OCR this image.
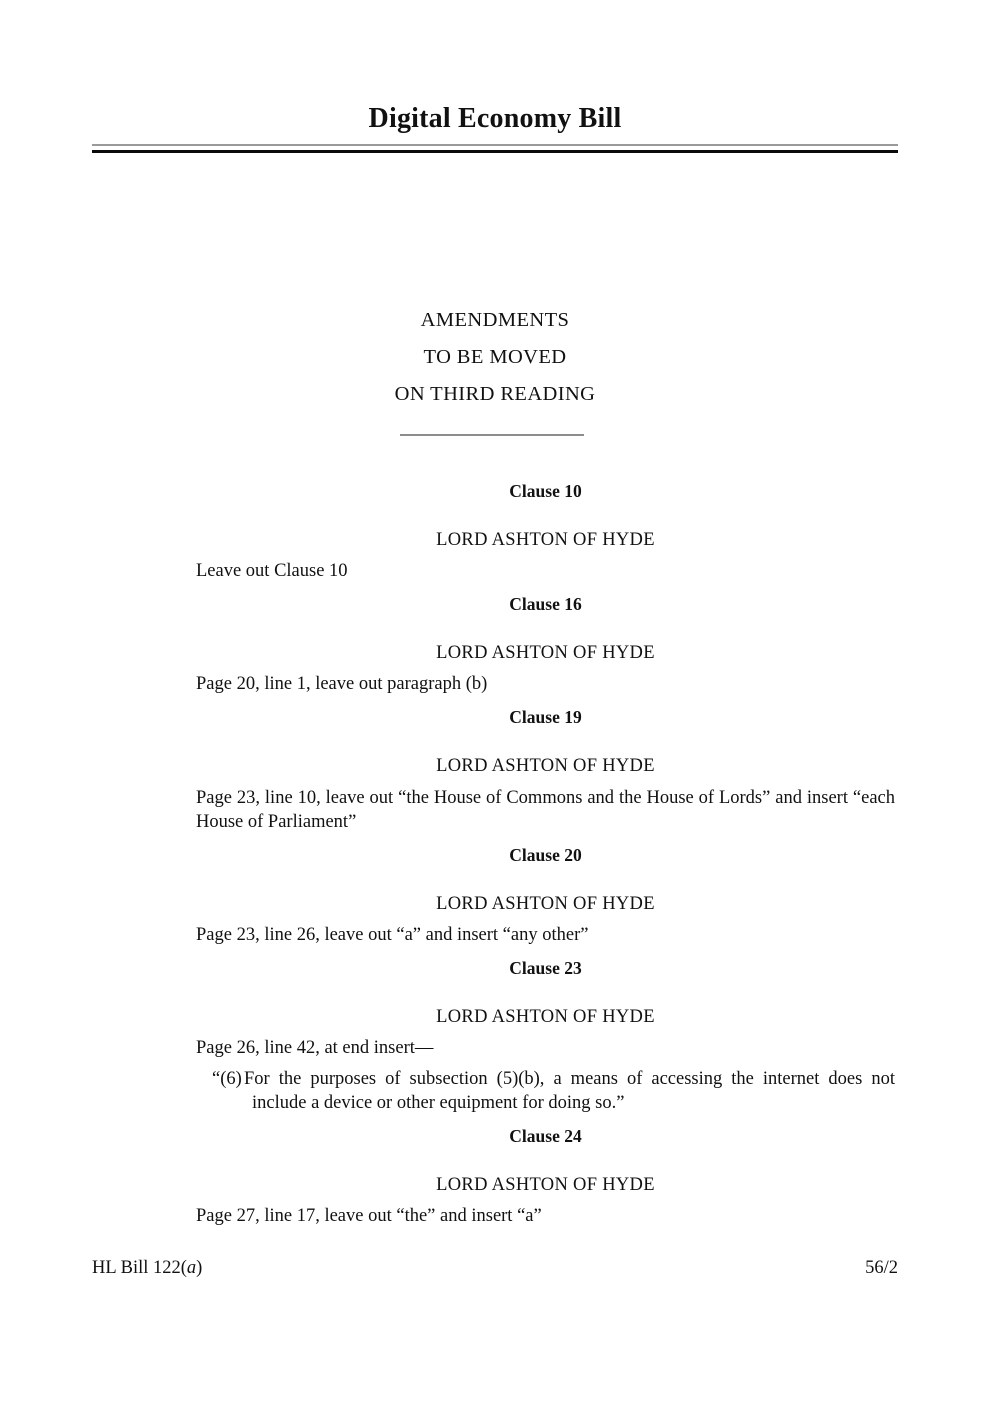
Digital Economy Bill
AMENDMENTS
TO BE MOVED
ON THIRD READING
Clause 10
LORD ASHTON OF HYDE
Leave out Clause 10
Clause 16
LORD ASHTON OF HYDE
Page 20, line 1, leave out paragraph (b)
Clause 19
LORD ASHTON OF HYDE
Page 23, line 10, leave out “the House of Commons and the House of Lords” and insert “each House of Parliament”
Clause 20
LORD ASHTON OF HYDE
Page 23, line 26, leave out “a” and insert “any other”
Clause 23
LORD ASHTON OF HYDE
Page 26, line 42, at end insert—
“(6) For the purposes of subsection (5)(b), a means of accessing the internet does not include a device or other equipment for doing so.”
Clause 24
LORD ASHTON OF HYDE
Page 27, line 17, leave out “the” and insert “a”
HL Bill 122(a)	56/2
